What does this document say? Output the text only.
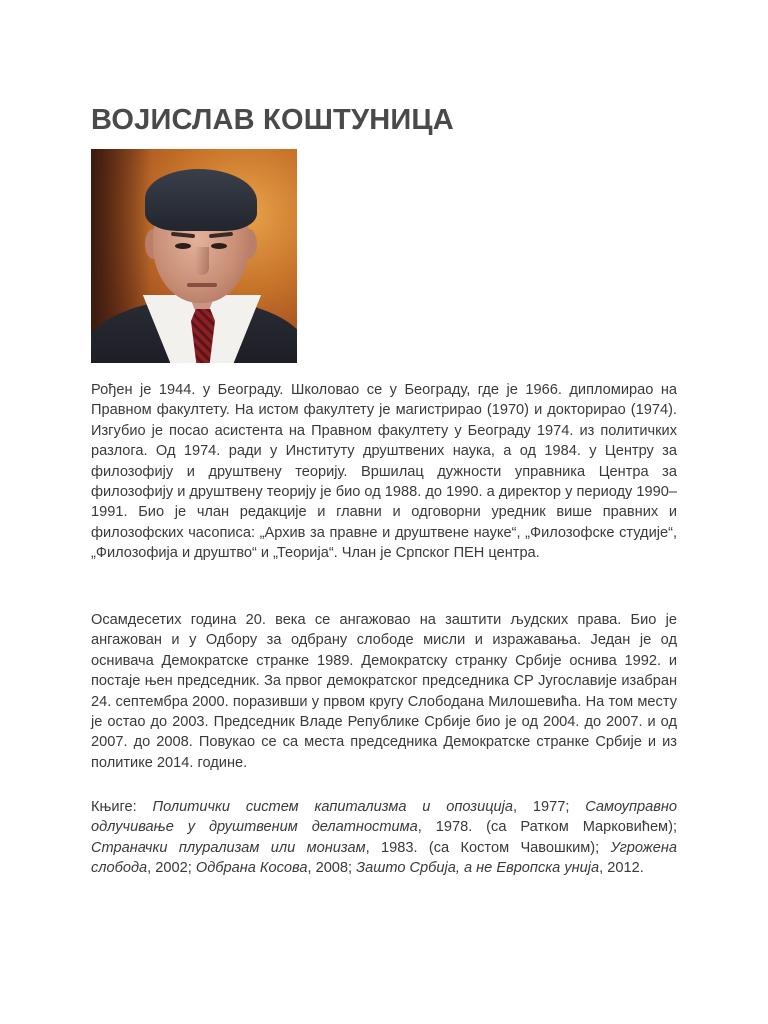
ВОЈИСЛАВ КОШТУНИЦА

Рођен је 1944. у Београду. Школовао се у Београду, где је 1966. дипломирао на Правном факултету. На истом факултету је магистрирао (1970) и докторирао (1974). Изгубио је посао асистента на Правном факултету у Београду 1974. из политичких разлога. Од 1974. ради у Институту друштвених наука, а од 1984. у Центру за филозофију и друштвену теорију. Вршилац дужности управника Центра за филозофију и друштвену теорију је био од 1988. до 1990. а директор у периоду 1990–1991. Био је члан редакције и главни и одговорни уредник више правних и филозофских часописа: „Архив за правне и друштвене науке“, „Филозофске студије“, „Филозофија и друштво“ и „Теорија“. Члан је Српског ПЕН центра.

Осамдесетих година 20. века се ангажовао на заштити људских права. Био је ангажован и у Одбору за одбрану слободе мисли и изражавања. Један је од оснивача Демократске странке 1989. Демократску странку Србије оснива 1992. и постаје њен председник. За првог демократског председника СР Југославије изабран 24. септембра 2000. поразивши у првом кругу Слободана Милошевића. На том месту је остао до 2003. Председник Владе Републике Србије био је од 2004. до 2007. и од 2007. до 2008. Повукао се са места председника Демократске странке Србије и из политике 2014. године.

Књиге: Политички систем капитализма и опозиција, 1977; Самоуправно одлучивање у друштвеним делатностима, 1978. (са Ратком Марковићем); Страначки плурализам или монизам, 1983. (са Костом Чавошким); Угрожена слобода, 2002; Одбрана Косова, 2008; Зашто Србија, а не Европска унија, 2012.
